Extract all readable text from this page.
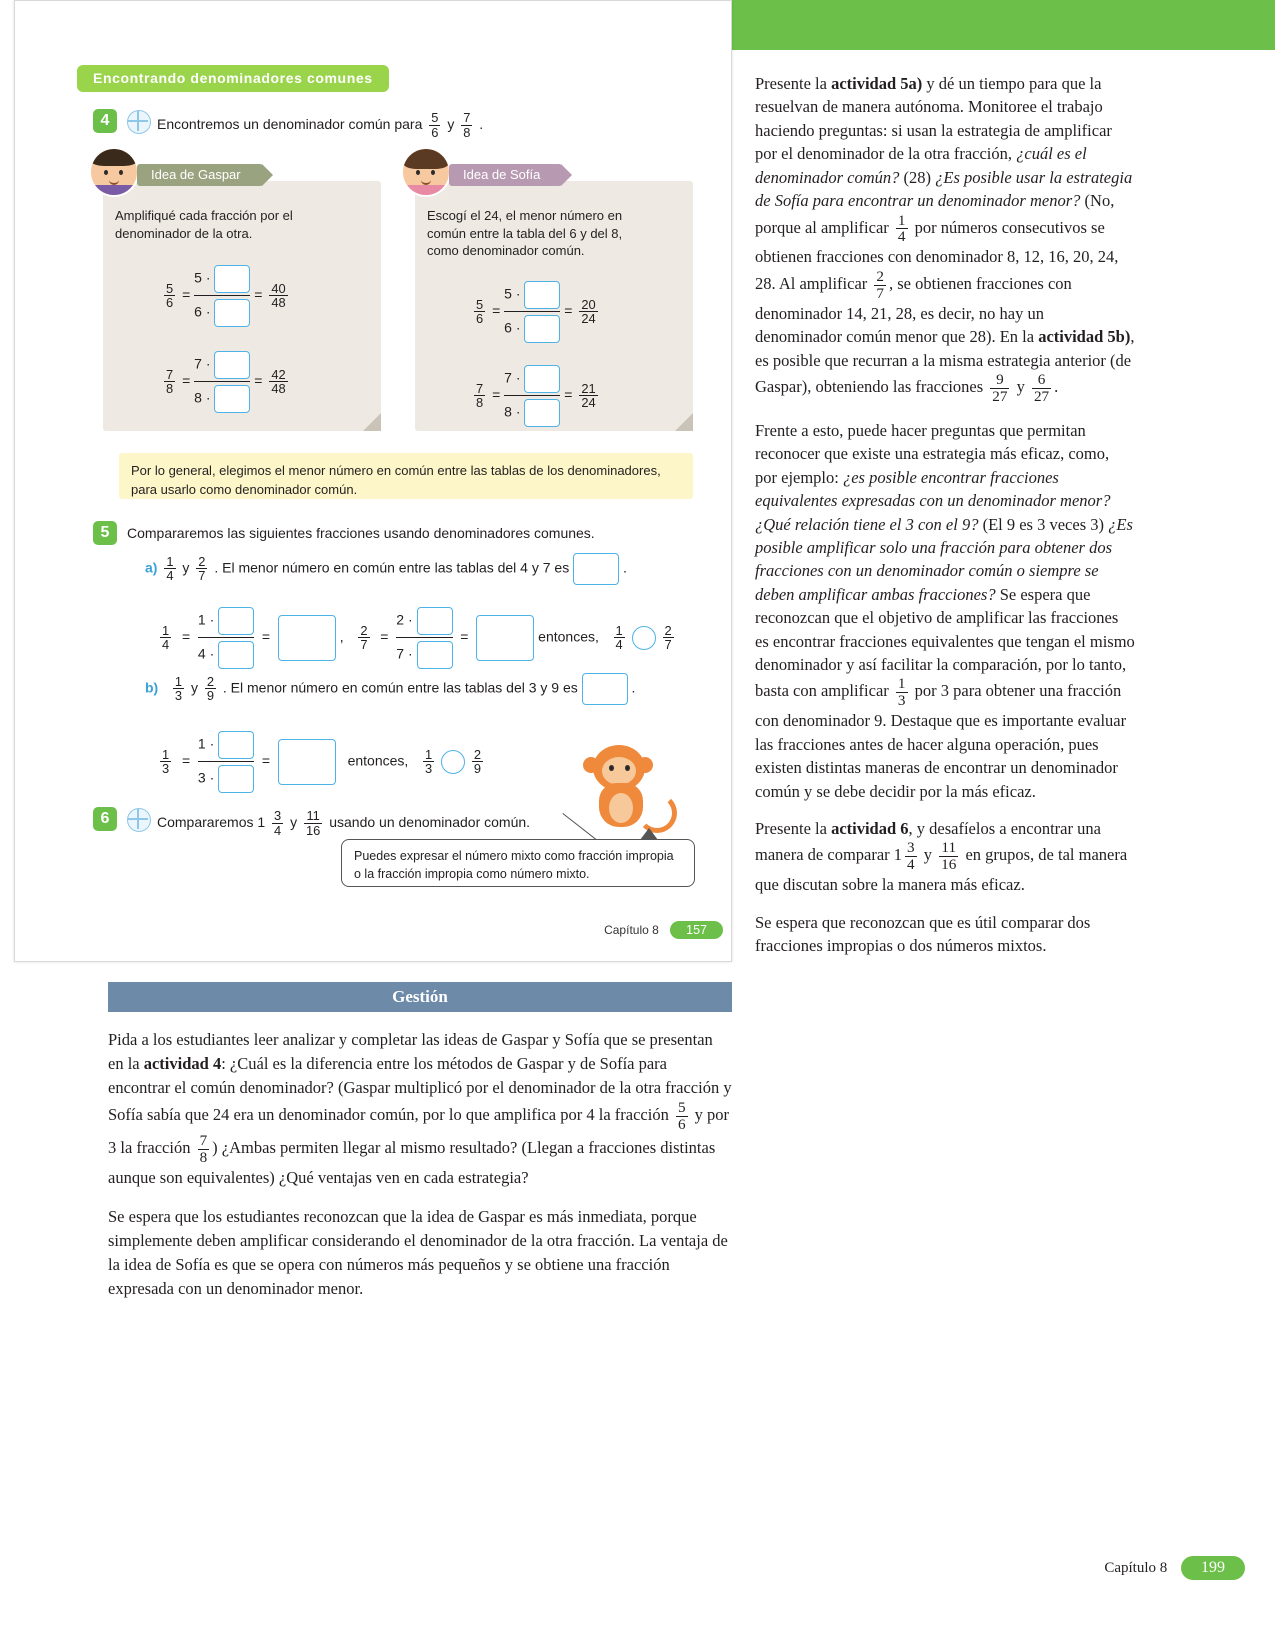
Encontrando denominadores comunes
4	Encontremos un denominador común para $\frac{5}{6}$ y $\frac{7}{8}$ .
Idea de Gaspar
Amplifiqué cada fracción por el denominador de la otra.
$\frac{5}{6} = \frac{5 \cdot}{6 \cdot} = \frac{40}{48}$
$\frac{7}{8} = \frac{7 \cdot}{8 \cdot} = \frac{42}{48}$
Idea de Sofía
Escogí el 24, el menor número en común entre la tabla del 6 y del 8, como denominador común.
$\frac{5}{6} = \frac{5 \cdot}{6 \cdot} = \frac{20}{24}$
$\frac{7}{8} = \frac{7 \cdot}{8 \cdot} = \frac{21}{24}$
Por lo general, elegimos el menor número en común entre las tablas de los denominadores, para usarlo como denominador común.
5	Compararemos las siguientes fracciones usando denominadores comunes.
$a) \frac{1}{4}$ y $\frac{2}{7}$ . El menor número en común entre las tablas del 4 y 7 es	.
$\frac{1}{4} = \frac{1 \cdot}{4 \cdot}$ =	, $\frac{2}{7} = \frac{2 \cdot}{7 \cdot}$ =	entonces, $\frac{1}{4}$
	$\frac{2}{7}$
$b) \frac{1}{3}$ y $\frac{2}{9}$ . El menor número en común entre las tablas del 3 y 9 es	.
$\frac{1}{3} = \frac{1 \cdot}{3 \cdot}$ =	entonces, $\frac{1}{3}$
	$\frac{2}{9}$
6	Compararemos $1 \frac{3}{4}$ y $\frac{11}{16}$ usando un denominador común.
Puedes expresar el número mixto como fracción impropia o la fracción impropia como número mixto.
Capítulo 8 157

Presente la actividad 5a) y dé un tiempo para que la resuelvan de manera autónoma. Monitoree el trabajo haciendo preguntas: si usan la estrategia de amplificar por el denominador de la otra fracción, ¿cuál es el denominador común? (28) ¿Es posible usar la estrategia de Sofía para encontrar un denominador menor? (No, porque al amplificar $\frac{1}{4}$ por números consecutivos se obtienen fracciones con denominador 8, 12, 16, 20, 24, 28. Al amplificar $\frac{2}{7}$ , se obtienen fracciones con denominador 14, 21, 28, es decir, no hay un denominador común menor que 28). En la actividad 5b), es posible que recurran a la misma estrategia anterior (de Gaspar), obteniendo las fracciones $\frac{9}{27}$ y $\frac{6}{27}$ .

Frente a esto, puede hacer preguntas que permitan reconocer que existe una estrategia más eficaz, como, por ejemplo: ¿es posible encontrar fracciones equivalentes expresadas con un denominador menor? ¿Qué relación tiene el 3 con el 9? (El 9 es 3 veces 3) ¿Es posible amplificar solo una fracción para obtener dos fracciones con un denominador común o siempre se deben amplificar ambas fracciones? Se espera que reconozcan que el objetivo de amplificar las fracciones es encontrar fracciones equivalentes que tengan el mismo denominador y así facilitar la comparación, por lo tanto, basta con amplificar $\frac{1}{3}$ por 3 para obtener una fracción con denominador 9. Destaque que es importante evaluar las fracciones antes de hacer alguna operación, pues existen distintas maneras de encontrar un denominador común y se debe decidir por la más eficaz.

Presente la actividad 6, y desafíelos a encontrar una manera de comparar $1 \frac{3}{4}$ y $\frac{11}{16}$ en grupos, de tal manera que discutan sobre la manera más eficaz.

Se espera que reconozcan que es útil comparar dos fracciones impropias o dos números mixtos.

Gestión

Pida a los estudiantes leer analizar y completar las ideas de Gaspar y Sofía que se presentan en la actividad 4: ¿Cuál es la diferencia entre los métodos de Gaspar y de Sofía para encontrar el común denominador? (Gaspar multiplicó por el denominador de la otra fracción y Sofía sabía que 24 era un denominador común, por lo que amplifica por 4 la fracción $\frac{5}{6}$ y por 3 la fracción $\frac{7}{8}$ ) ¿Ambas permiten llegar al mismo resultado? (Llegan a fracciones distintas aunque son equivalentes) ¿Qué ventajas ven en cada estrategia?

Se espera que los estudiantes reconozcan que la idea de Gaspar es más inmediata, porque simplemente deben amplificar considerando el denominador de la otra fracción. La ventaja de la idea de Sofía es que se opera con números más pequeños y se obtiene una fracción expresada con un denominador menor.

Capítulo 8 199
